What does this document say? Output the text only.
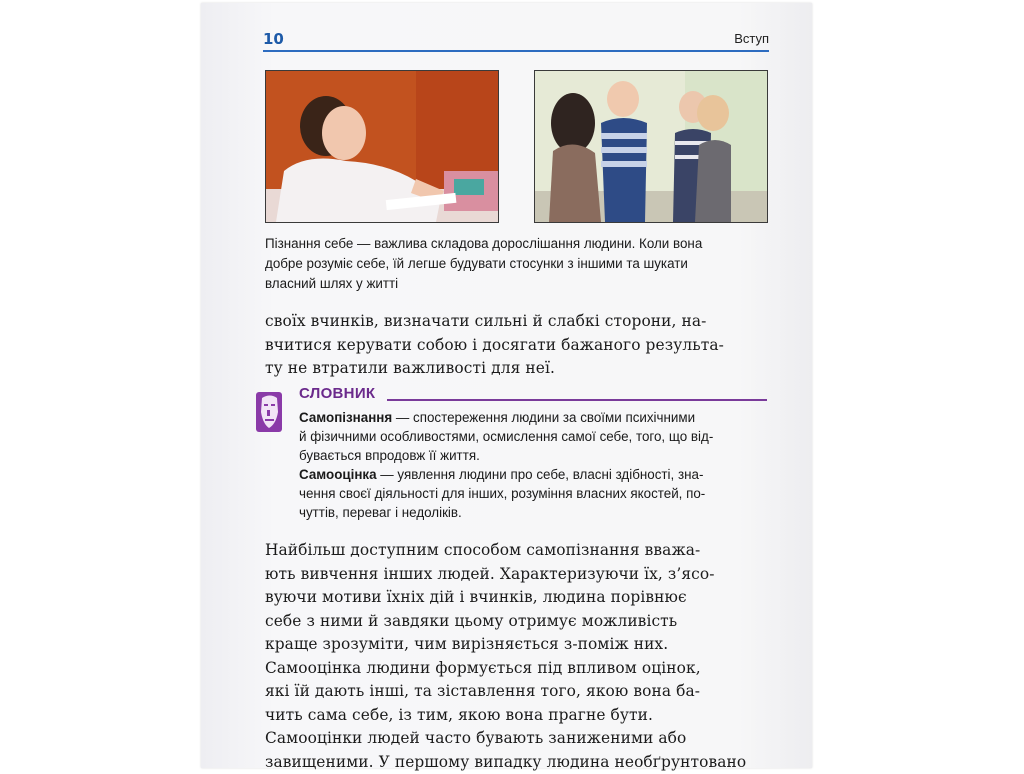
10	Вступ

Пізнання себе — важлива складова дорослішання людини. Коли вона
добре розуміє себе, їй легше будувати стосунки з іншими та шукати
власний шлях у житті

своїх вчинків, визначати сильні й слабкі сторони, на-
вчитися керувати собою і досягати бажаного результа-
ту не втратили важливості для неї.

СЛОВНИК

Самопізнання — спостереження людини за своїми психічними
й фізичними особливостями, осмислення самої себе, того, що від-
бувається впродовж її життя.

Самооцінка — уявлення людини про себе, власні здібності, зна-
чення своєї діяльності для інших, розуміння власних якостей, по-
чуттів, переваг і недоліків.

Найбільш доступним способом самопізнання вважа-
ють вивчення інших людей. Характеризуючи їх, з’ясо-
вуючи мотиви їхніх дій і вчинків, людина порівнює
себе з ними й завдяки цьому отримує можливість
краще зрозуміти, чим вирізняється з-поміж них.
Самооцінка людини формується під впливом оцінок,
які їй дають інші, та зіставлення того, якою вона ба-
чить сама себе, із тим, якою вона прагне бути.
Самооцінки людей часто бувають заниженими або
завищеними. У першому випадку людина необґрунтовано
